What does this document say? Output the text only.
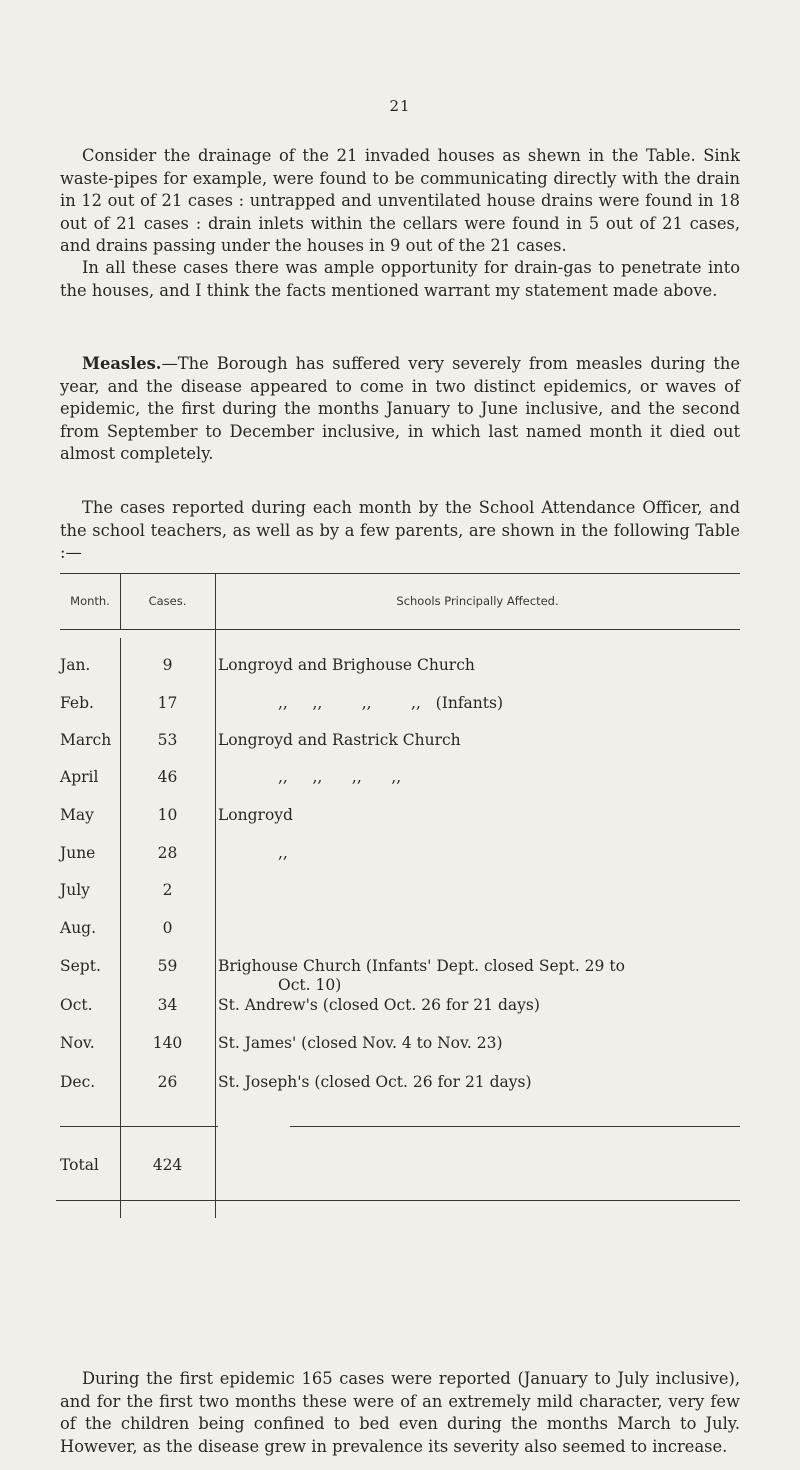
21

Consider the drainage of the 21 invaded houses as shewn in the Table. Sink waste-pipes for example, were found to be communicating directly with the drain in 12 out of 21 cases : untrapped and unventilated house drains were found in 18 out of 21 cases : drain inlets within the cellars were found in 5 out of 21 cases, and drains passing under the houses in 9 out of the 21 cases.

In all these cases there was ample opportunity for drain-gas to penetrate into the houses, and I think the facts mentioned warrant my statement made above.

Measles.—The Borough has suffered very severely from measles during the year, and the disease appeared to come in two distinct epidemics, or waves of epidemic, the first during the months January to June inclusive, and the second from September to December inclusive, in which last named month it died out almost completely.

The cases reported during each month by the School Attendance Officer, and the school teachers, as well as by a few parents, are shown in the following Table :—

Month.	Cases.	Schools Principally Affected.
Jan.	9	Longroyd and Brighouse Church
Feb.	17	,,     ,,        ,,        ,,   (Infants)
March	53	Longroyd and Rastrick Church
April	46	,,     ,,      ,,      ,,
May	10	Longroyd
June	28	,,
July	2
Aug.	0
Sept.	59	Brighouse Church (Infants' Dept. closed Sept. 29 to
Oct. 10)
Oct.	34	St. Andrew's (closed Oct. 26 for 21 days)
Nov.	140	St. James' (closed Nov. 4 to Nov. 23)
Dec.	26	St. Joseph's (closed Oct. 26 for 21 days)
Total	424

During the first epidemic 165 cases were reported (January to July inclusive), and for the first two months these were of an extremely mild character, very few of the children being confined to bed even during the months March to July. However, as the disease grew in prevalence its severity also seemed to increase.
